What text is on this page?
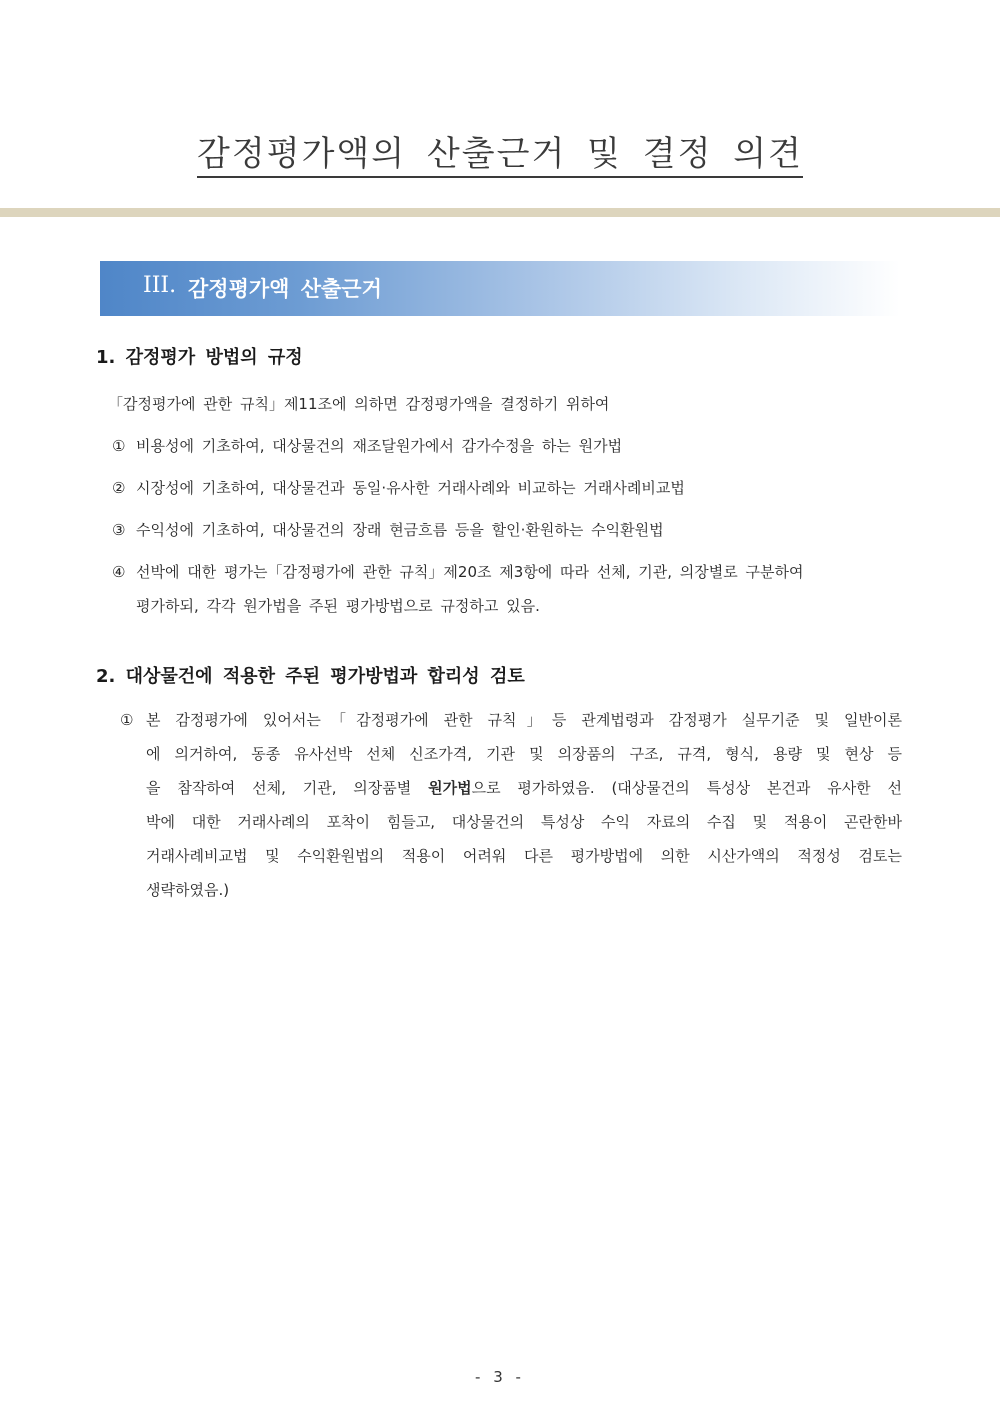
감정평가액의 산출근거 및 결정 의견
III. 감정평가액 산출근거
1. 감정평가 방법의 규정
「감정평가에 관한 규칙」제11조에 의하면 감정평가액을 결정하기 위하여
① 비용성에 기초하여, 대상물건의 재조달원가에서 감가수정을 하는 원가법
② 시장성에 기초하여, 대상물건과 동일·유사한 거래사례와 비교하는 거래사례비교법
③ 수익성에 기초하여, 대상물건의 장래 현금흐름 등을 할인·환원하는 수익환원법
④ 선박에 대한 평가는「감정평가에 관한 규칙」제20조 제3항에 따라 선체, 기관, 의장별로 구분하여
평가하되, 각각 원가법을 주된 평가방법으로 규정하고 있음.
2. 대상물건에 적용한 주된 평가방법과 합리성 검토
① 본 감정평가에 있어서는「감정평가에 관한 규칙」등 관계법령과 감정평가 실무기준 및 일반이론
에 의거하여, 동종 유사선박 선체 신조가격, 기관 및 의장품의 구조, 규격, 형식, 용량 및 현상 등
을 참작하여 선체, 기관, 의장품별 원가법으로 평가하였음. (대상물건의 특성상 본건과 유사한 선
박에 대한 거래사례의 포착이 힘들고, 대상물건의 특성상 수익 자료의 수집 및 적용이 곤란한바
거래사례비교법 및 수익환원법의 적용이 어려워 다른 평가방법에 의한 시산가액의 적정성 검토는
생략하였음.)
- 3 -
